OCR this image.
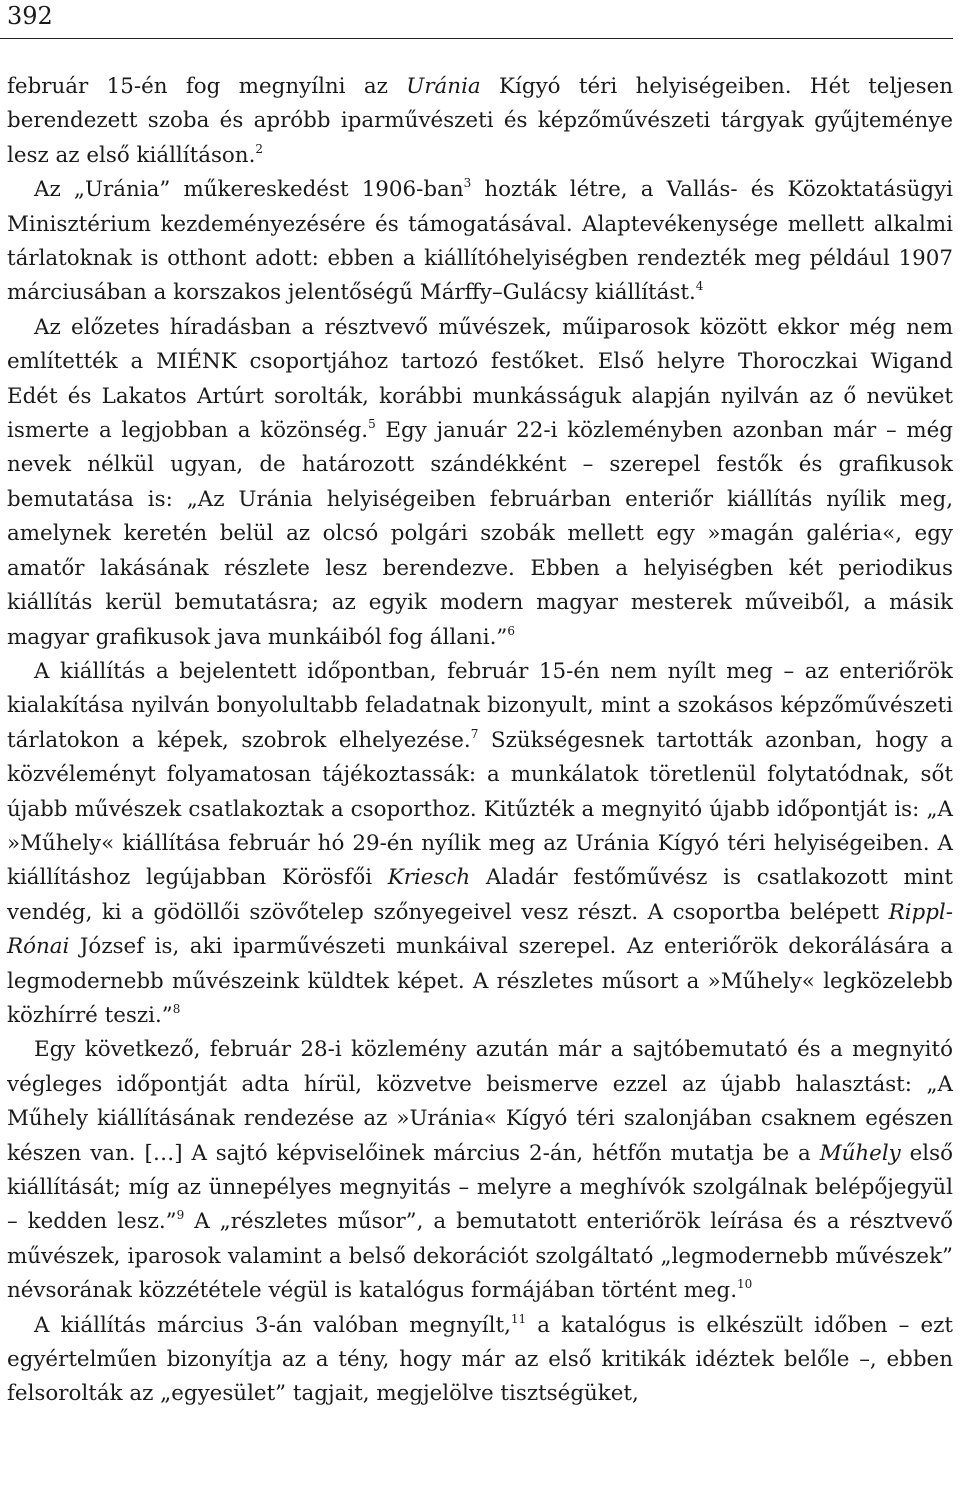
392

február 15-én fog megnyílni az Uránia Kígyó téri helyiségeiben. Hét teljesen berendezett szoba és apróbb iparművészeti és képzőművészeti tárgyak gyűjteménye lesz az első kiállításon.$^2$

Az „Uránia” műkereskedést 1906-ban$^3$ hozták létre, a Vallás- és Közoktatásügyi Minisztérium kezdeményezésére és támogatásával. Alaptevékenysége mellett alkalmi tárlatoknak is otthont adott: ebben a kiállítóhelyiségben rendezték meg például 1907 márciusában a korszakos jelentőségű Márffy–Gulácsy kiállítást.$^4$

Az előzetes híradásban a résztvevő művészek, műiparosok között ekkor még nem említették a MIÉNK csoportjához tartozó festőket. Első helyre Thoroczkai Wigand Edét és Lakatos Artúrt sorolták, korábbi munkásságuk alapján nyilván az ő nevüket ismerte a legjobban a közönség.$^5$ Egy január 22-i közleményben azonban már – még nevek nélkül ugyan, de határozott szándékként – szerepel festők és grafikusok bemutatása is: „Az Uránia helyiségeiben februárban enteriőr kiállítás nyílik meg, amelynek keretén belül az olcsó polgári szobák mellett egy »magán galéria«, egy amatőr lakásának részlete lesz berendezve. Ebben a helyiségben két periodikus kiállítás kerül bemutatásra; az egyik modern magyar mesterek műveiből, a másik magyar grafikusok java munkáiból fog állani.”$^6$

A kiállítás a bejelentett időpontban, február 15-én nem nyílt meg – az enteriőrök kialakítása nyilván bonyolultabb feladatnak bizonyult, mint a szokásos képzőművészeti tárlatokon a képek, szobrok elhelyezése.$^7$ Szükségesnek tartották azonban, hogy a közvéleményt folyamatosan tájékoztassák: a munkálatok töretlenül folytatódnak, sőt újabb művészek csatlakoztak a csoporthoz. Kitűzték a megnyitó újabb időpontját is: „A »Műhely« kiállítása február hó 29-én nyílik meg az Uránia Kígyó téri helyiségeiben. A kiállításhoz legújabban Körösfői Kriesch Aladár festőművész is csatlakozott mint vendég, ki a gödöllői szövőtelep szőnyegeivel vesz részt. A csoportba belépett Rippl-Rónai József is, aki iparművészeti munkáival szerepel. Az enteriőrök dekorálására a legmodernebb művészeink küldtek képet. A részletes műsort a »Műhely« legközelebb közhírré teszi.”$^8$

Egy következő, február 28-i közlemény azután már a sajtóbemutató és a megnyitó végleges időpontját adta hírül, közvetve beismerve ezzel az újabb halasztást: „A Műhely kiállításának rendezése az »Uránia« Kígyó téri szalonjában csaknem egészen készen van. […] A sajtó képviselőinek március 2-án, hétfőn mutatja be a Műhely első kiállítását; míg az ünnepélyes megnyitás – melyre a meghívók szolgálnak belépőjegyül – kedden lesz.”$^9$ A „részletes műsor”, a bemutatott enteriőrök leírása és a résztvevő művészek, iparosok valamint a belső dekorációt szolgáltató „legmodernebb művészek” névsorának közzététele végül is katalógus formájában történt meg.$^{10}$

A kiállítás március 3-án valóban megnyílt,$^{11}$ a katalógus is elkészült időben – ezt egyértelműen bizonyítja az a tény, hogy már az első kritikák idéztek belőle –, ebben felsorolták az „egyesület” tagjait, megjelölve tisztségüket,
